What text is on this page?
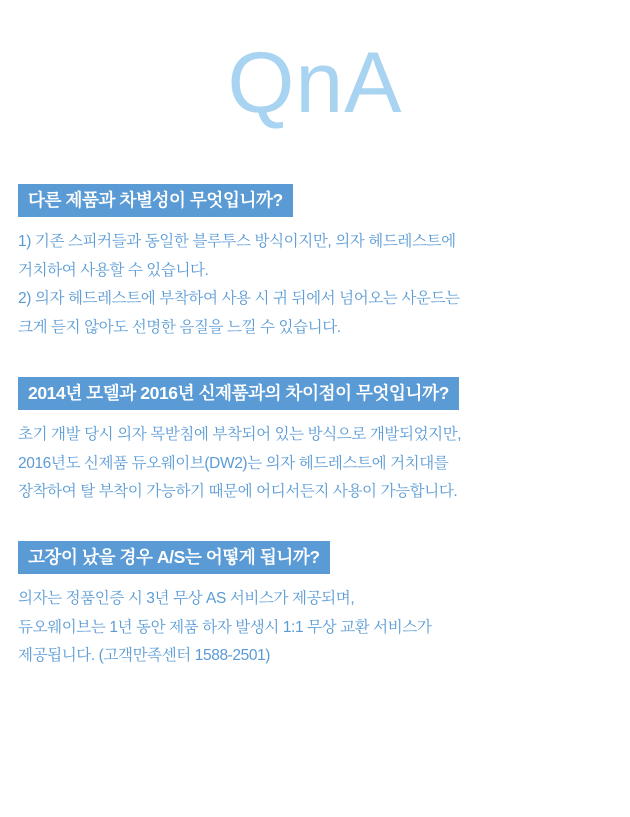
QnA
다른 제품과 차별성이 무엇입니까?
1) 기존 스피커들과 동일한 블루투스 방식이지만, 의자 헤드레스트에
거치하여 사용할 수 있습니다.
2) 의자 헤드레스트에 부착하여 사용 시 귀 뒤에서 넘어오는 사운드는
크게 듣지 않아도 선명한 음질을 느낄 수 있습니다.
2014년 모델과 2016년 신제품과의 차이점이 무엇입니까?
초기 개발 당시 의자 목받침에 부착되어 있는 방식으로 개발되었지만,
2016년도 신제품 듀오웨이브(DW2)는 의자 헤드레스트에 거치대를
장착하여 탈 부착이 가능하기 때문에 어디서든지 사용이 가능합니다.
고장이 났을 경우 A/S는 어떻게 됩니까?
의자는 정품인증 시 3년 무상 AS 서비스가 제공되며,
듀오웨이브는 1년 동안 제품 하자 발생시 1:1 무상 교환 서비스가
제공됩니다. (고객만족센터 1588-2501)
